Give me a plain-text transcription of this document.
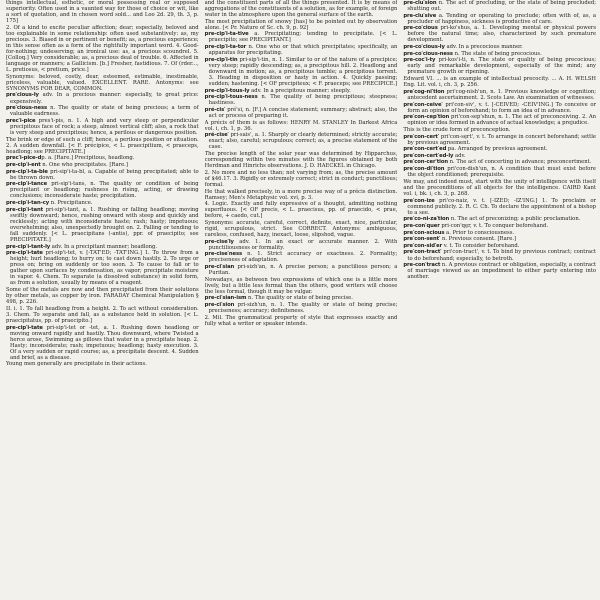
things intellectual, esthetic, or moral possessing real or supposed superiority. Often used in a vaunted way for those of choice or wit, like a sort of quotation, and in chosen word sold... and Loo 2d. 29, th. 3, p. 175]

2. Of a kind to excite peculiar affection; dear; especially, beloved and too explainable in some relationship: often used substantively: as, my precious. 3. Biased in or pertinent or benefit; as, a precious experience; in this sense often as a form of the rightfully important word. 4. Good-for-nothing; undeserving; an ironical use: as, a precious scoundrel. 5. [Colloq.] Very considerable; as, a precious deal of trouble. 6. Affected in language or manners; a Gallicism. [b.] Fresher, fastidious. 7. Of (rder..., L. pretiosus, < pretium, price.]

Synonyms: beloved, costly, dear, esteemed, estimable, inestimable, priceless, valuable, valued. EXCELLENT. RARE. Antonyms: see SYNONYMS FOR DEAR, COMMON.

pre′cious-ly adv. In a precious manner: especially, to great price: expensively.

pre′cious-ness n. The quality or state of being precious; a term of valuable eadrness.

prec′i-pice pres'i-pis, n. 1. A high and very steep or perpendicular precipitous face of rock; a steep, almost vertical cliff; also, a rock that is very steep and precipitous; hence, a perilous or dangerous position.

The brink or edge of such a cliff; hence, a perilous position or situation. 2. A sudden downfall. [< F. précipice, < L. praecipitium, < praeceps, headlong; see PRECIPITATE.]

prec′i-pice-dp. a. [Rare.] Precipitous, headlong.

pre-cip′i-ent n. One who precipitates. [Rare.]

pre-cip′i-ta-ble pri-sip'i-ta-bl, a. Capable of being precipitated; able to be thrown down.

pre-cip′i-tance pri-sip'i-tans, n. The quality or condition of being precipitant or headlong; rashness in rising, acting, or drawing conclusions; inconsiderate haste; precipitation.

pre-cip′i-tan-cy n. Precipitance.

pre-cip′i-tant pri-sip'i-tant, a. 1. Rushing or falling headlong; moving swiftly downward; hence, rushing onward with steep and quickly and recklessly; acting with inconsiderate haste; rash; hasty; impetuous; overwhelming; also, unexpectedly brought on. 2. Falling or tending to fall suddenly. [< L. praecipitans (-antis), ppr. of praecipito; see PRECIPITATE.]

pre-cip′i-tant-ly adv. In a precipitant manner; headlong.

pre-cip′i-tate pri-sip'i-tet, v. [-TAT'ED; -TAT'ING.] 1. To throw from a height; hurl headlong; to hurry on; to cast down hastily. 2. To urge or press on; bring on suddenly or too soon. 3. To cause to fall or to gather upon surfaces by condensation, as vapor; precipitate moisture in vapor. 4. Chem. To separate (a dissolved substance) in solid form, as from a solution, usually by means of a reagent.

Some of the metals are now and then precipitated from their solutions by other metals, as copper by iron. FARADAY Chemical Manipulation § 498, p. 226.

II. i. 1. To fall headlong from a height. 2. To act without consideration. 3. Chem. To separate and fall, as a substance held in solution. [< L. praecipitatus, pp. of praecipito.]

pre-cip′i-tate pri-sip'i-tet or -tet, a. 1. Rushing down headlong or moving onward rapidly and hastily. Thou downward, where Twisted a herce arose, Swimming as pillows that water in a precipitate heap. 2. Hasty; inconsiderate; rash; impetuous; headlong; hasty execution. 3. Of a very sudden or rapid course; as, a precipitate descent. 4. Sudden and brief, as a disease.

Young men generally are precipitate in their actions.

and the constituent parts of all the things presented. It is by means of aggregations of the constituents of a solution, as for example, of foreign water in the atmosphere upon the general surface of the earth.

The most precipitation of snowy [has] to be pointed out by observation alone. [< Pr. Nature of Sc. ch. 9, p. 92]

pre-cip′i-ta-tive a. Precipitating; tending to precipitate. [< L. praecipito; see PRECIPITANT.]

pre-cip′i-ta-tor n. One who or that which precipitates; specifically, an apparatus for precipitating.

pre-cip′i-tin pri-sip'i-tin, n. 1. Similar to or of the nature of a precipice; very steep; rapidly descending; as, a precipitous hill. 2. Headlong and downward in motion; as, a precipitous tumble; a precipitous torrent. 3. Heading in disposition or hasty in action. 4. Quickly passing; sudden; hastening. [< OF precipiteux; < F. praeceps; see PRECIPICE.]

pre-cip′i-tous-ly adv. In a precipitous manner; steeply.

pre-cip′i-tous-ness n. The quality of being precipitous; steepness; hastiness.

pré-cis′ pré'si, n. [F.] A concise statement; summary; abstract; also, the act or process of preparing it.

A précis of them is as follows: HENRY M. STANLEY In Darkest Africa vol. i, ch. 1, p. 36.

pré-cise′ pri-sais', a. 1. Sharply or clearly determined; strictly accurate; exact; also, careful; scrupulous; correct; as, a precise statement of the case.

The precise length of the solar year was determined by Hipparchus, corresponding within two minutes with the figures obtained by both Herdman and Hinrichs observations. J. D. HAECKEL in Chicago.

2. No more and no less than; not varying from; as, the precise amount of $46.17. 3. Rigidly or extremely correct; strict in conduct; punctilious; formal.

He that walked precisely, in a more precise way of a précis distinction. Ramsey; Men's Metaphysic vol. xvi, p. 3.

4. Logic. Exactly and fully expressive of a thought, admitting nothing superfluous. [< OF precis, < L. praecisus, pp. of praecido, < prae, before, + caedo, cut.]

Synonyms: accurate, careful, correct, definite, exact, nice, particular, rigid, scrupulous, strict. See CORRECT. Antonyms: ambiguous, careless, confused, hazy, inexact, loose, slipshod, vague.

pre-cise′ly adv. 1. In an exact or accurate manner. 2. With punctiliousness or formality.

pre-cise′ness n. 1. Strict accuracy or exactness. 2. Formality; preciseness of adaptation.

pre-ci′sian pri-sizh'an, n. A precise person; a punctilious person; a Puritan.

Nowadays, as between two expressions of which one is a little more lively, but a little less formal than the others, good writers will choose the less formal, though it may be vulgar.

pre-ci′sian-ism n. The quality or state of being precise.

pre-ci′sion pri-sizh'un, n. 1. The quality or state of being precise; preciseness; accuracy; definiteness.

2. Mil. The grammatical property of style that expresses exactly and fully what a writer or speaker intends.

pre-clu′sion n. The act of precluding, or the state of being precluded; shutting out.

pre-clu′sive a. Tending or operating to preclude; often with of, as, a precluder of happiness, sickness is productive of care.

pre-co′cious pri-ko'shus, a. 1. Developing mental or physical powers before the natural time; also, characterized by such premature development.

pre-co′cious-ly adv. In a precocious manner.

pre-co′cious-ness n. The state of being precocious.

pre-coc′i-ty pri-kos'i-ti, n. The state or quality of being precocious; early and remarkable development, especially of the mind; any premature growth or ripening.

Edward VI. ... is an example of intellectual precocity. ... A. H. WELSH Eng. Lit. vol. i, ch. 3, p. 256.

pre′cog-ni′tion pri'cog-nish'un, n. 1. Previous knowledge or cognition; antecedent ascertainment. 2. Scots Law. An examination of witnesses.

pre′con-ceive′ pri'con-siv', v. t. [-CEIVED; -CEIV'ING.] To conceive or form an opinion of beforehand; to form an idea of in advance.

pre′con-cep′tion pri'con-sep'shun, n. 1. The act of preconceiving. 2. An opinion or idea formed in advance of actual knowledge; a prejudice.

This is the crude form of preconception.

pre′con-cert′ pri'con-sęrt', v. t. To arrange in concert beforehand; settle by previous agreement.

pre′con-cert′ed pa. Arranged by previous agreement.

pre′con-cert′ed-ly adv.

pre′con-cer′tion n. The act of concerting in advance; preconcertment.

pre′con-di′tion pri'con-dish'un, n. A condition that must exist before the object conditioned; prerequisite.

We may, and indeed must, start with the unity of intelligence with itself and the preconditions of all objects for the intelligence. CAIRD Kant vol. i, bk. i, ch. 3, p. 268.

pre′con-ize pri'co-naiz, v. t. [-IZED; -IZ'ING.] 1. To proclaim or commend publicly. 2. R. C. Ch. To declare the appointment of a bishop to a see.

pre′co-ni-za′tion n. The act of preconizing; a public proclamation.

pre-con′quer pri-con'qęr, v. t. To conquer beforehand.

pre′con-scious a. Prior to consciousness.

pre′con-sent′ n. Previous consent. [Rare.]

pre′con-sid′er v. t. To consider beforehand.

pre′con-tract′ pri'con-tract', v. t. To bind by previous contract; contract to do beforehand; especially, to betroth.

pre-con′tract n. A previous contract or obligation, especially, a contract of marriage viewed as an impediment to either party entering into another.
